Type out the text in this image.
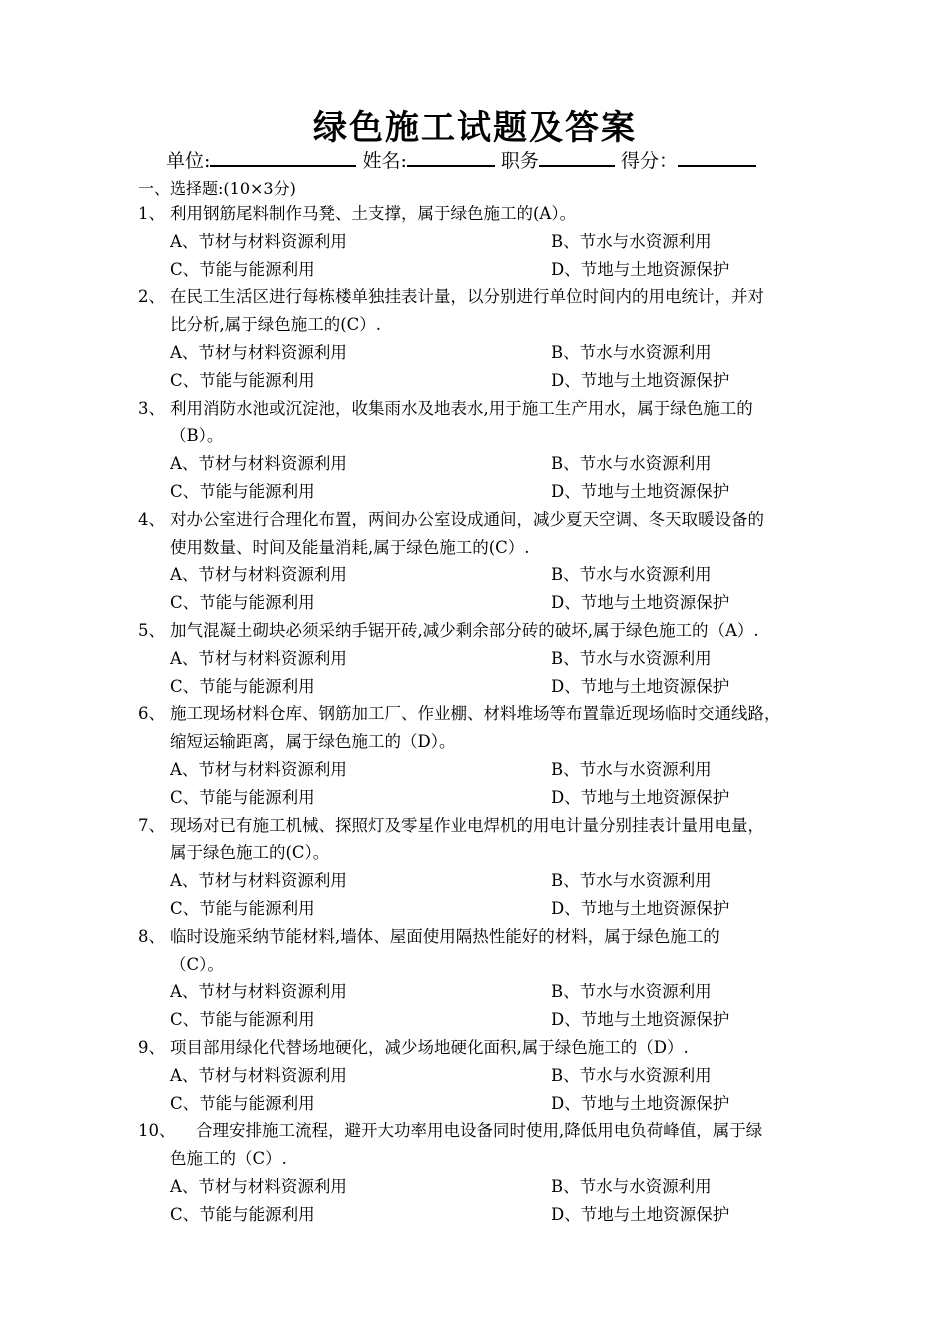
绿色施工试题及答案
单位:	姓名:	职务	得分：
一、选择题:(10×3分)
1、 利用钢筋尾料制作马凳、土支撑，属于绿色施工的(A）。
A、节材与材料资源利用	B、节水与水资源利用
C、节能与能源利用	D、节地与土地资源保护
2、 在民工生活区进行每栋楼单独挂表计量，以分别进行单位时间内的用电统计，并对
比分析,属于绿色施工的(C）.
A、节材与材料资源利用	B、节水与水资源利用
C、节能与能源利用	D、节地与土地资源保护
3、 利用消防水池或沉淀池，收集雨水及地表水,用于施工生产用水，属于绿色施工的
（B）。
A、节材与材料资源利用	B、节水与水资源利用
C、节能与能源利用	D、节地与土地资源保护
4、 对办公室进行合理化布置，两间办公室设成通间，减少夏天空调、冬天取暖设备的
使用数量、时间及能量消耗,属于绿色施工的(C）.
A、节材与材料资源利用	B、节水与水资源利用
C、节能与能源利用	D、节地与土地资源保护
5、 加气混凝土砌块必须采纳手锯开砖,减少剩余部分砖的破坏,属于绿色施工的（A）.
A、节材与材料资源利用	B、节水与水资源利用
C、节能与能源利用	D、节地与土地资源保护
6、 施工现场材料仓库、钢筋加工厂、作业棚、材料堆场等布置靠近现场临时交通线路，
缩短运输距离，属于绿色施工的（D）。
A、节材与材料资源利用	B、节水与水资源利用
C、节能与能源利用	D、节地与土地资源保护
7、 现场对已有施工机械、探照灯及零星作业电焊机的用电计量分别挂表计量用电量，
属于绿色施工的(C）。
A、节材与材料资源利用	B、节水与水资源利用
C、节能与能源利用	D、节地与土地资源保护
8、 临时设施采纳节能材料,墙体、屋面使用隔热性能好的材料，属于绿色施工的
（C）。
A、节材与材料资源利用	B、节水与水资源利用
C、节能与能源利用	D、节地与土地资源保护
9、 项目部用绿化代替场地硬化，减少场地硬化面积,属于绿色施工的（D）.
A、节材与材料资源利用	B、节水与水资源利用
C、节能与能源利用	D、节地与土地资源保护
10、 合理安排施工流程，避开大功率用电设备同时使用,降低用电负荷峰值，属于绿
色施工的（C）.
A、节材与材料资源利用	B、节水与水资源利用
C、节能与能源利用	D、节地与土地资源保护
